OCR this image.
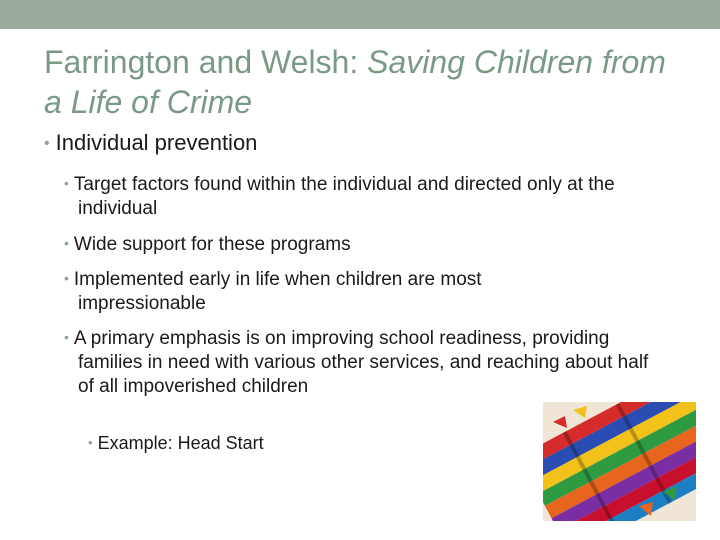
Farrington and Welsh: Saving Children from a Life of Crime
• Individual prevention
• Target factors found within the individual and directed only at the individual
• Wide support for these programs
• Implemented early in life when children are most impressionable
• A primary emphasis is on improving school readiness, providing families in need with various other services, and reaching about half of all impoverished children
• Example: Head Start
